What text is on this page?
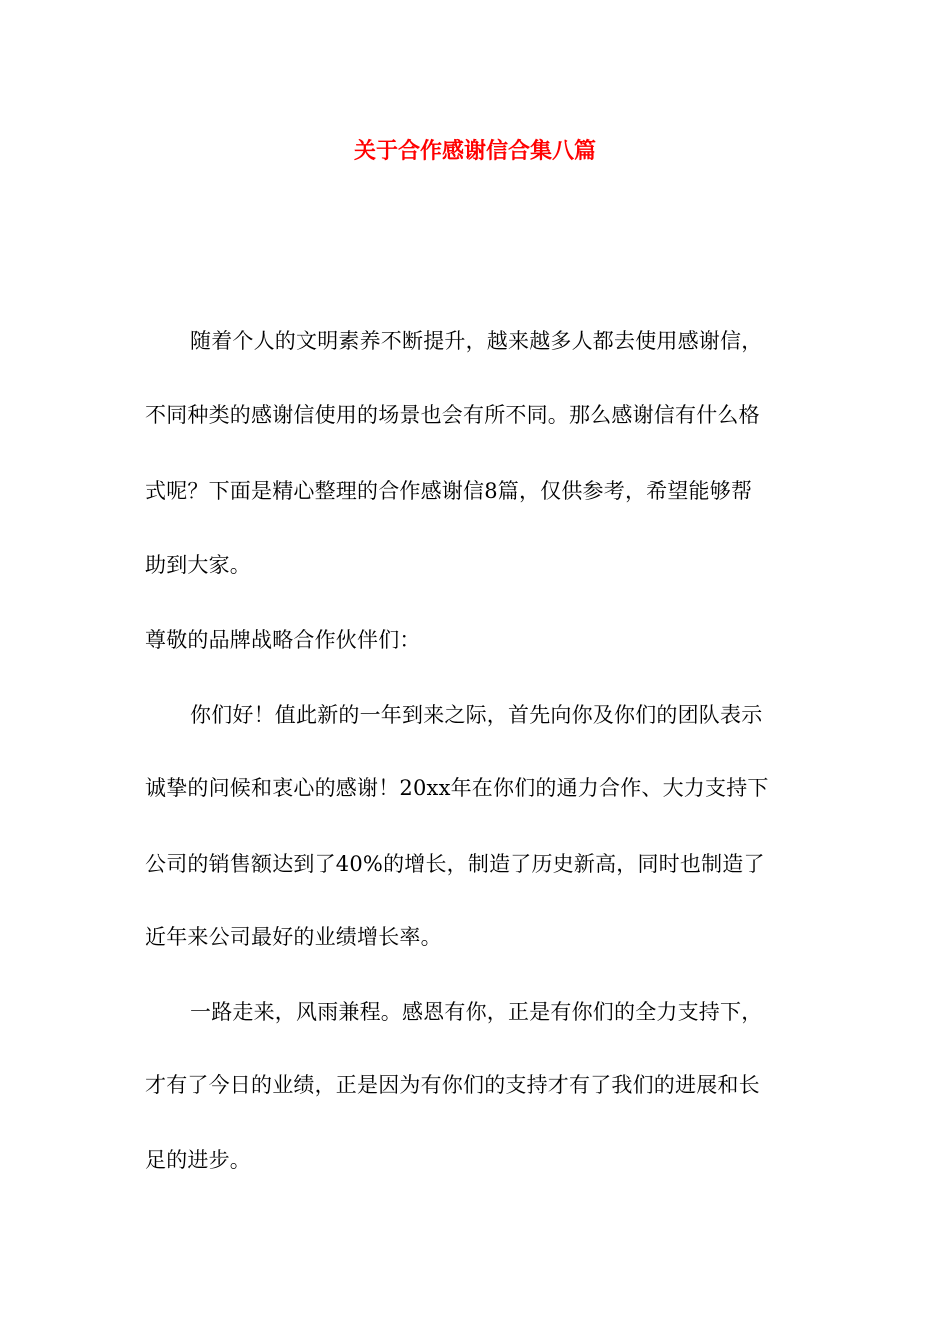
关于合作感谢信合集八篇

随着个人的文明素养不断提升，越来越多人都去使用感谢信，

不同种类的感谢信使用的场景也会有所不同。那么感谢信有什么格

式呢？下面是精心整理的合作感谢信8篇，仅供参考，希望能够帮

助到大家。

尊敬的品牌战略合作伙伴们：

你们好！值此新的一年到来之际，首先向你及你们的团队表示

诚挚的问候和衷心的感谢！20xx年在你们的通力合作、大力支持下

公司的销售额达到了40%的增长，制造了历史新高，同时也制造了

近年来公司最好的业绩增长率。

一路走来，风雨兼程。感恩有你，正是有你们的全力支持下，

才有了今日的业绩，正是因为有你们的支持才有了我们的进展和长

足的进步。
